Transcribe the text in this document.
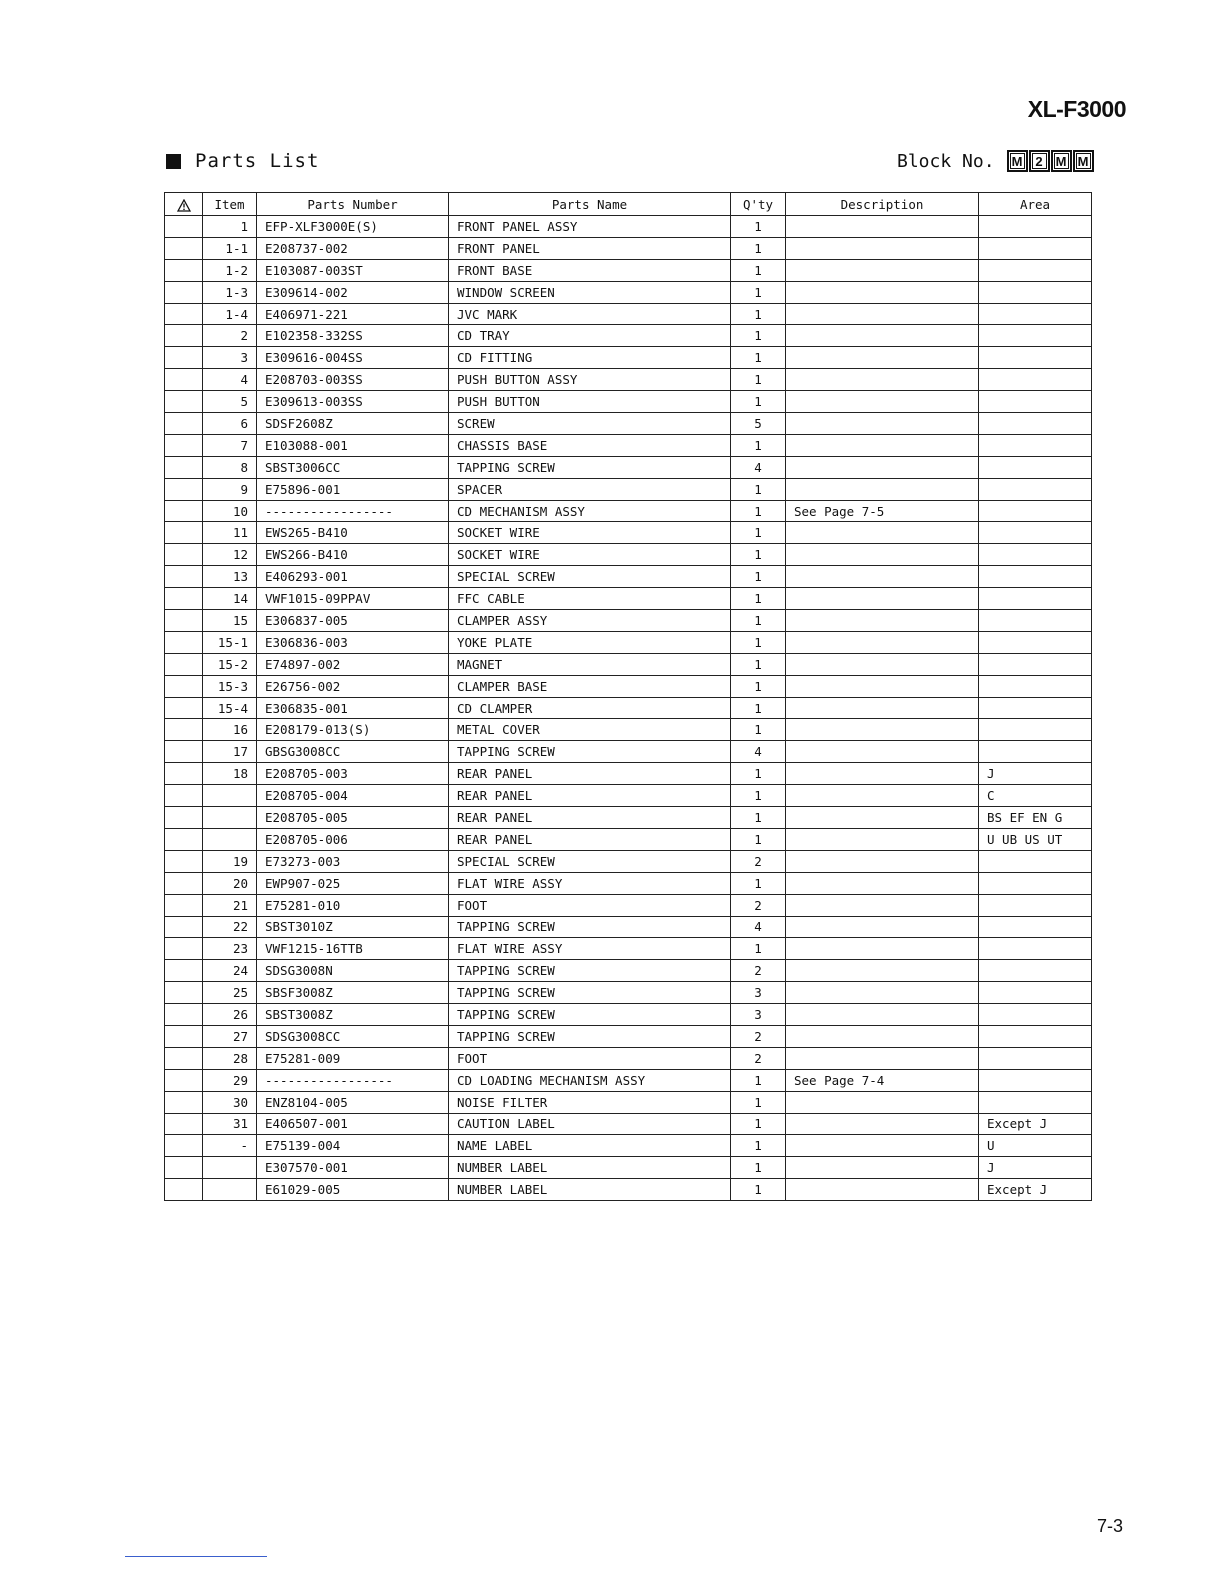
XL-F3000
Parts List	Block No.	M 2 M M
	Item	Parts Number	Parts Name	Q'ty	Description	Area
	1	EFP-XLF3000E(S)	FRONT PANEL ASSY	1		
	1-1	E208737-002	FRONT PANEL	1		
	1-2	E103087-003ST	FRONT BASE	1		
	1-3	E309614-002	WINDOW SCREEN	1		
	1-4	E406971-221	JVC MARK	1		
	2	E102358-332SS	CD TRAY	1		
	3	E309616-004SS	CD FITTING	1		
	4	E208703-003SS	PUSH BUTTON ASSY	1		
	5	E309613-003SS	PUSH BUTTON	1		
	6	SDSF2608Z	SCREW	5		
	7	E103088-001	CHASSIS BASE	1		
	8	SBST3006CC	TAPPING SCREW	4		
	9	E75896-001	SPACER	1		
	10	-----------------	CD MECHANISM ASSY	1	See Page 7-5	
	11	EWS265-B410	SOCKET WIRE	1		
	12	EWS266-B410	SOCKET WIRE	1		
	13	E406293-001	SPECIAL SCREW	1		
	14	VWF1015-09PPAV	FFC CABLE	1		
	15	E306837-005	CLAMPER ASSY	1		
	15-1	E306836-003	YOKE PLATE	1		
	15-2	E74897-002	MAGNET	1		
	15-3	E26756-002	CLAMPER BASE	1		
	15-4	E306835-001	CD CLAMPER	1		
	16	E208179-013(S)	METAL COVER	1		
	17	GBSG3008CC	TAPPING SCREW	4		
	18	E208705-003	REAR PANEL	1		J
		E208705-004	REAR PANEL	1		C
		E208705-005	REAR PANEL	1		BS EF EN G
		E208705-006	REAR PANEL	1		U UB US UT
	19	E73273-003	SPECIAL SCREW	2		
	20	EWP907-025	FLAT WIRE ASSY	1		
	21	E75281-010	FOOT	2		
	22	SBST3010Z	TAPPING SCREW	4		
	23	VWF1215-16TTB	FLAT WIRE ASSY	1		
	24	SDSG3008N	TAPPING SCREW	2		
	25	SBSF3008Z	TAPPING SCREW	3		
	26	SBST3008Z	TAPPING SCREW	3		
	27	SDSG3008CC	TAPPING SCREW	2		
	28	E75281-009	FOOT	2		
	29	-----------------	CD LOADING MECHANISM ASSY	1	See Page 7-4	
	30	ENZ8104-005	NOISE FILTER	1		
	31	E406507-001	CAUTION LABEL	1		Except J
	-	E75139-004	NAME LABEL	1		U
		E307570-001	NUMBER LABEL	1		J
		E61029-005	NUMBER LABEL	1		Except J
7-3
